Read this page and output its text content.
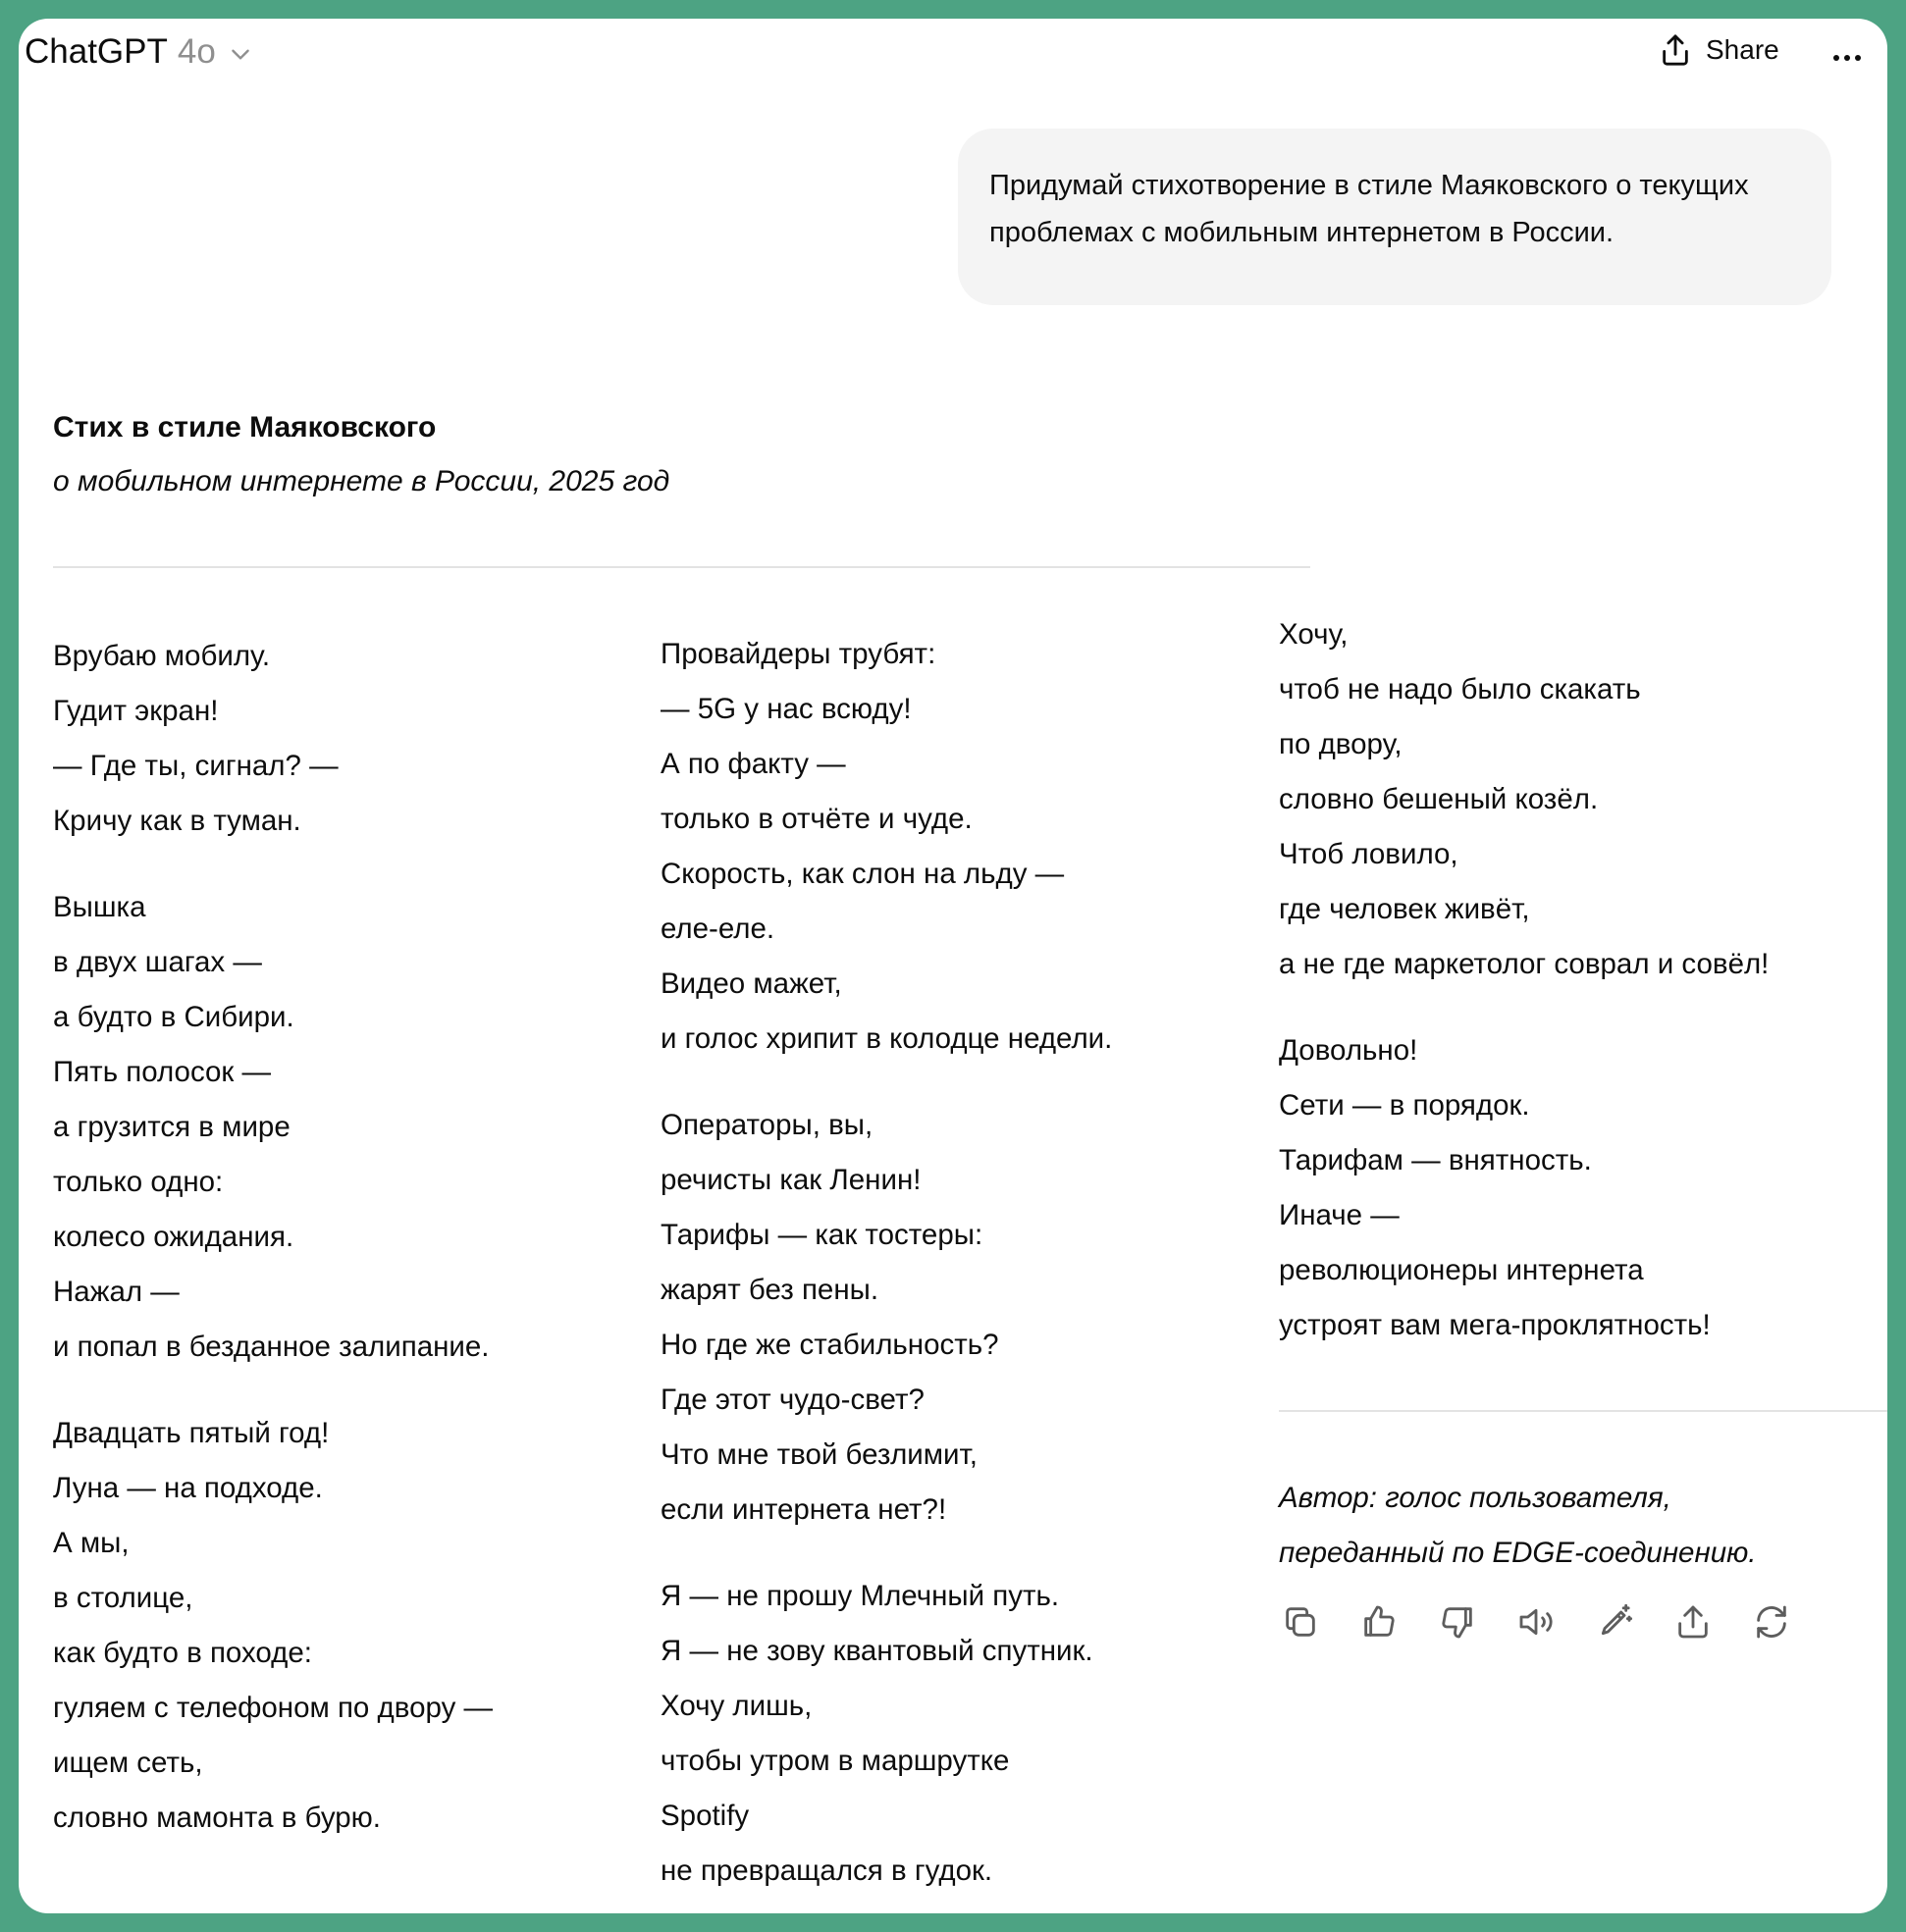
ChatGPT 4o	Share
Придумай стихотворение в стиле Маяковского о текущих проблемах с мобильным интернетом в России.
Стих в стиле Маяковского
о мобильном интернете в России, 2025 год
Врубаю мобилу.
Гудит экран!
— Где ты, сигнал? —
Кричу как в туман.
Вышка
в двух шагах —
а будто в Сибири.
Пять полосок —
а грузится в мире
только одно:
колесо ожидания.
Нажал —
и попал в безданное залипание.
Двадцать пятый год!
Луна — на подходе.
А мы,
в столице,
как будто в походе:
гуляем с телефоном по двору —
ищем сеть,
словно мамонта в бурю.
Провайдеры трубят:
— 5G у нас всюду!
А по факту —
только в отчёте и чуде.
Скорость, как слон на льду —
еле-еле.
Видео мажет,
и голос хрипит в колодце недели.
Операторы, вы,
речисты как Ленин!
Тарифы — как тостеры:
жарят без пены.
Но где же стабильность?
Где этот чудо-свет?
Что мне твой безлимит,
если интернета нет?!
Я — не прошу Млечный путь.
Я — не зову квантовый спутник.
Хочу лишь,
чтобы утром в маршрутке
Spotify
не превращался в гудок.
Хочу,
чтоб не надо было скакать
по двору,
словно бешеный козёл.
Чтоб ловило,
где человек живёт,
а не где маркетолог соврал и совёл!
Довольно!
Сети — в порядок.
Тарифам — внятность.
Иначе —
революционеры интернета
устроят вам мега-проклятность!
Автор: голос пользователя,
переданный по EDGE-соединению.
